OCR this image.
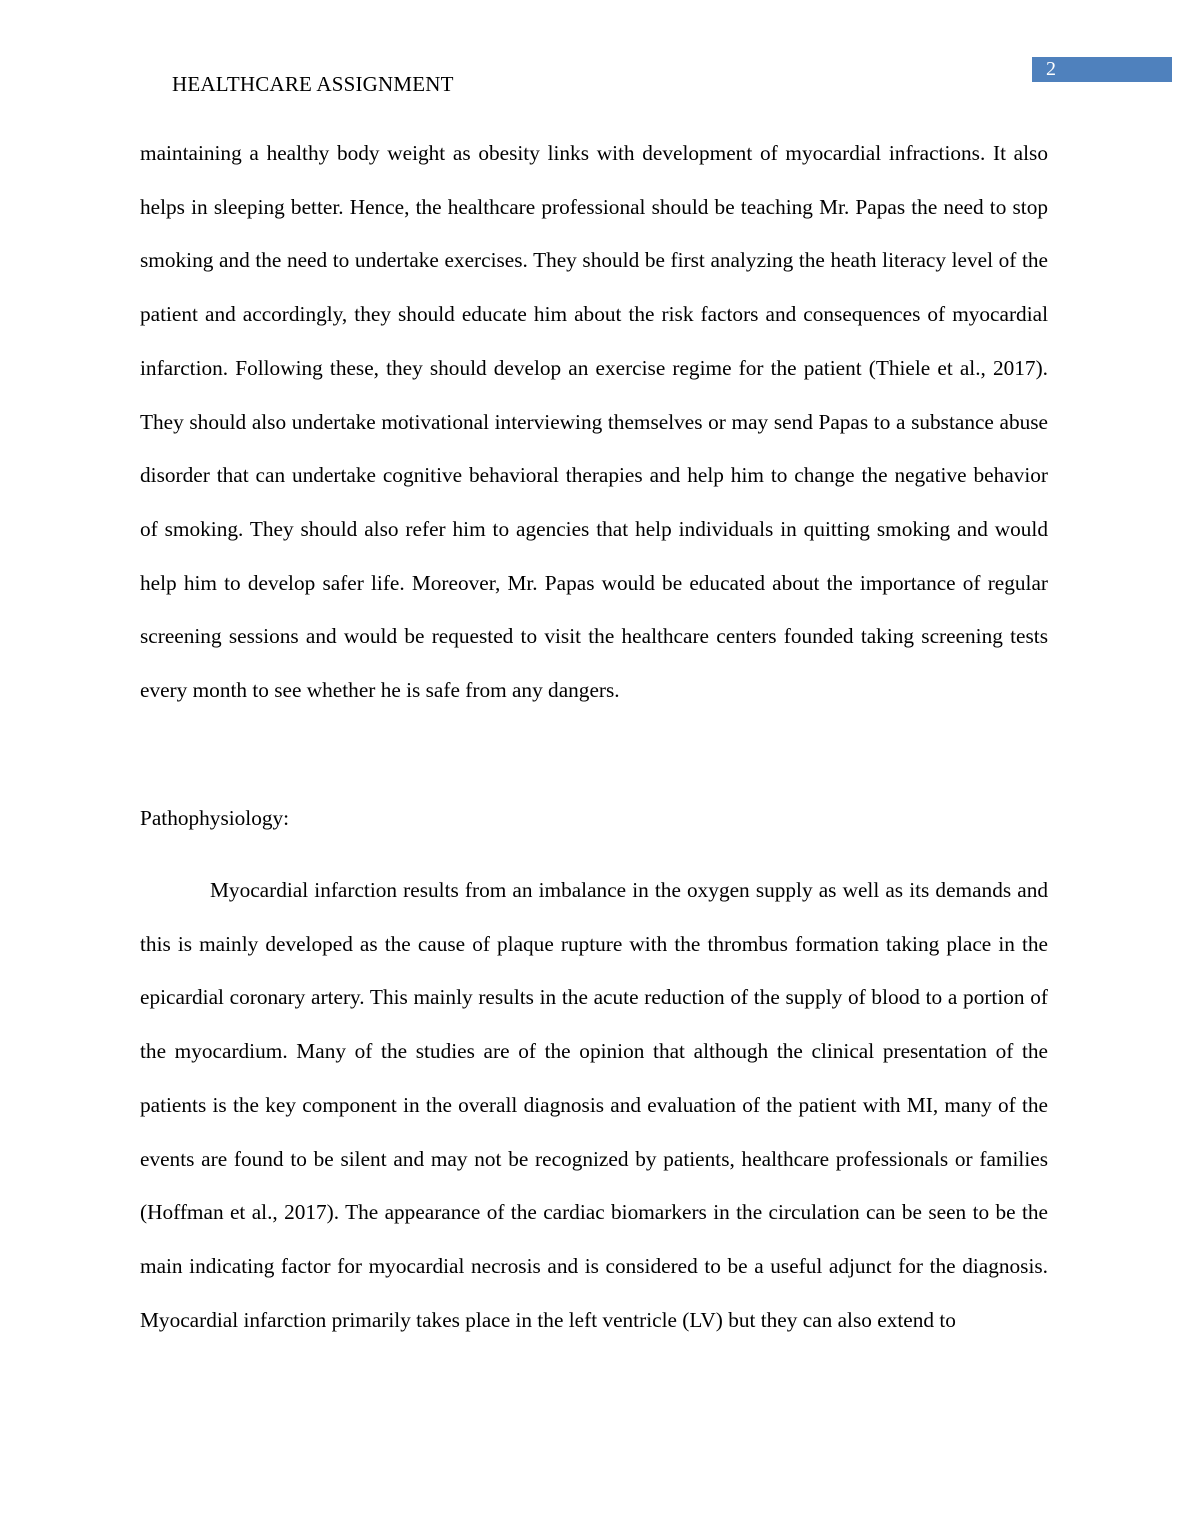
2
HEALTHCARE ASSIGNMENT

maintaining a healthy body weight as obesity links with development of myocardial infractions. It also helps in sleeping better. Hence, the healthcare professional should be teaching Mr. Papas the need to stop smoking and the need to undertake exercises. They should be first analyzing the heath literacy level of the patient and accordingly, they should educate him about the risk factors and consequences of myocardial infarction. Following these, they should develop an exercise regime for the patient (Thiele et al., 2017). They should also undertake motivational interviewing themselves or may send Papas to a substance abuse disorder that can undertake cognitive behavioral therapies and help him to change the negative behavior of smoking. They should also refer him to agencies that help individuals in quitting smoking and would help him to develop safer life. Moreover, Mr. Papas would be educated about the importance of regular screening sessions and would be requested to visit the healthcare centers founded taking screening tests every month to see whether he is safe from any dangers.

Pathophysiology:

Myocardial infarction results from an imbalance in the oxygen supply as well as its demands and this is mainly developed as the cause of plaque rupture with the thrombus formation taking place in the epicardial coronary artery. This mainly results in the acute reduction of the supply of blood to a portion of the myocardium. Many of the studies are of the opinion that although the clinical presentation of the patients is the key component in the overall diagnosis and evaluation of the patient with MI, many of the events are found to be silent and may not be recognized by patients, healthcare professionals or families (Hoffman et al., 2017). The appearance of the cardiac biomarkers in the circulation can be seen to be the main indicating factor for myocardial necrosis and is considered to be a useful adjunct for the diagnosis. Myocardial infarction primarily takes place in the left ventricle (LV) but they can also extend to
